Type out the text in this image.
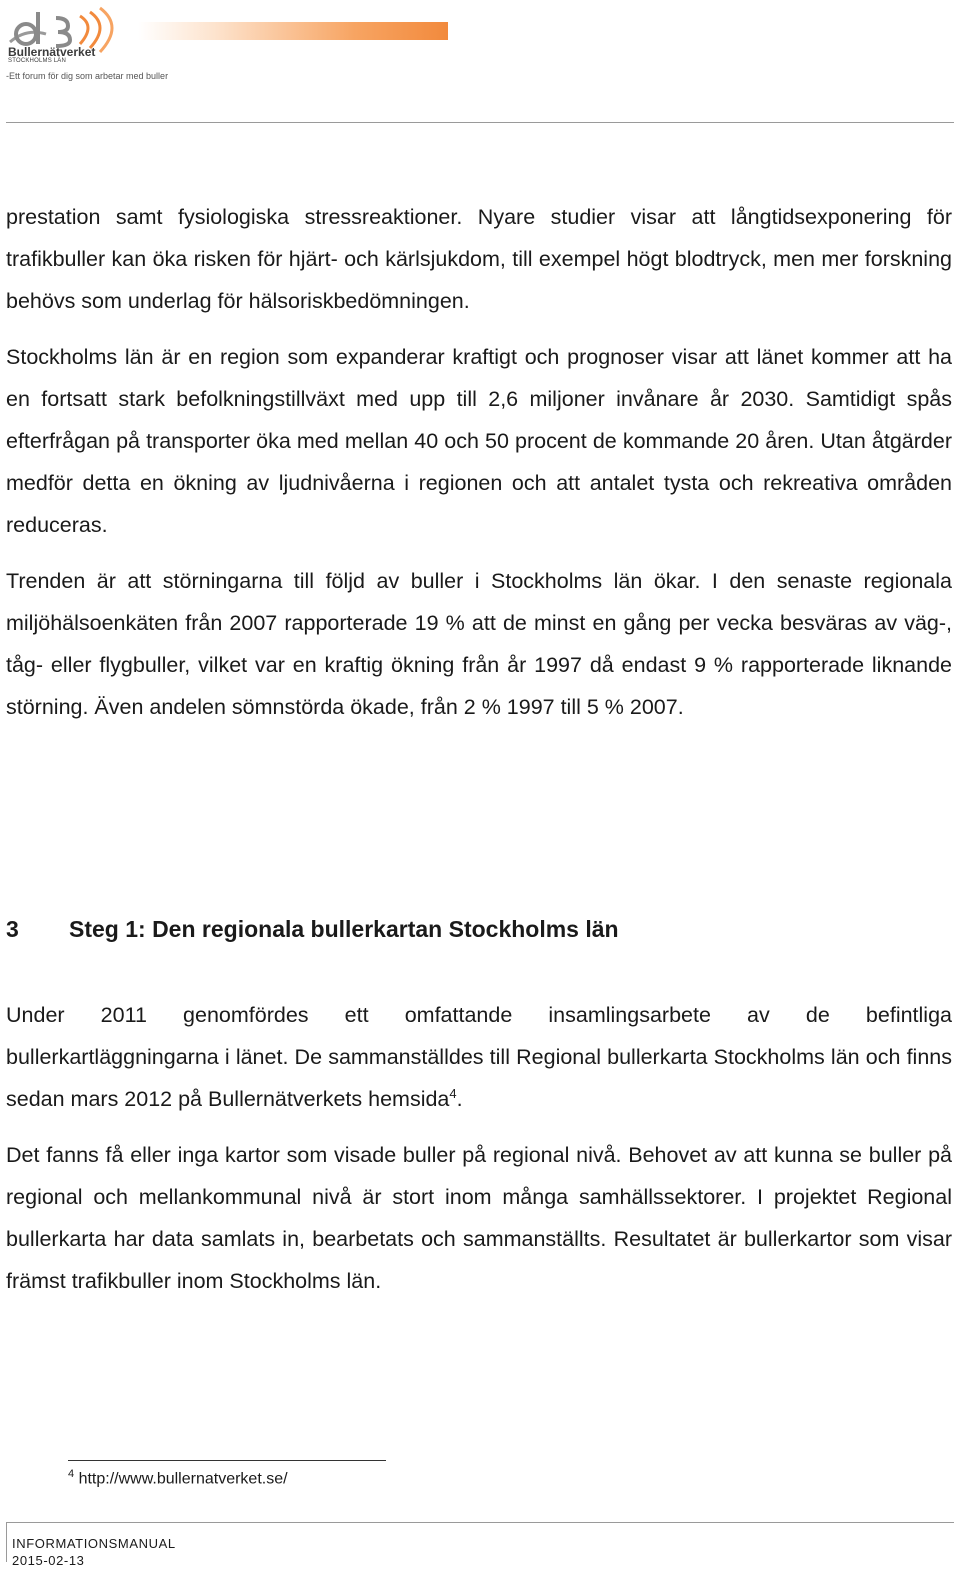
Bullernätverket
STOCKHOLMS LÄN
-Ett forum för dig som arbetar med buller

prestation samt fysiologiska stressreaktioner. Nyare studier visar att långtidsexponering för trafikbuller kan öka risken för hjärt- och kärlsjukdom, till exempel högt blodtryck, men mer forskning behövs som underlag för hälsoriskbedömningen.

Stockholms län är en region som expanderar kraftigt och prognoser visar att länet kommer att ha en fortsatt stark befolkningstillväxt med upp till 2,6 miljoner invånare år 2030. Samtidigt spås efterfrågan på transporter öka med mellan 40 och 50 procent de kommande 20 åren. Utan åtgärder medför detta en ökning av ljudnivåerna i regionen och att antalet tysta och rekreativa områden reduceras.

Trenden är att störningarna till följd av buller i Stockholms län ökar. I den senaste regionala miljöhälsoenkäten från 2007 rapporterade 19 % att de minst en gång per vecka besväras av väg-, tåg- eller flygbuller, vilket var en kraftig ökning från år 1997 då endast 9 % rapporterade liknande störning. Även andelen sömnstörda ökade, från 2 % 1997 till 5 % 2007.

3	Steg 1: Den regionala bullerkartan Stockholms län

Under 2011 genomfördes ett omfattande insamlingsarbete av de befintliga
bullerkartläggningarna i länet. De sammanställdes till Regional bullerkarta Stockholms län och finns sedan mars 2012 på Bullernätverkets hemsida$^4$.

Det fanns få eller inga kartor som visade buller på regional nivå. Behovet av att kunna se buller på regional och mellankommunal nivå är stort inom många samhällssektorer. I projektet Regional bullerkarta har data samlats in, bearbetats och sammanställts. Resultatet är bullerkartor som visar främst trafikbuller inom Stockholms län.

$^4$ http://www.bullernatverket.se/
INFORMATIONSMANUAL
2015-02-13
